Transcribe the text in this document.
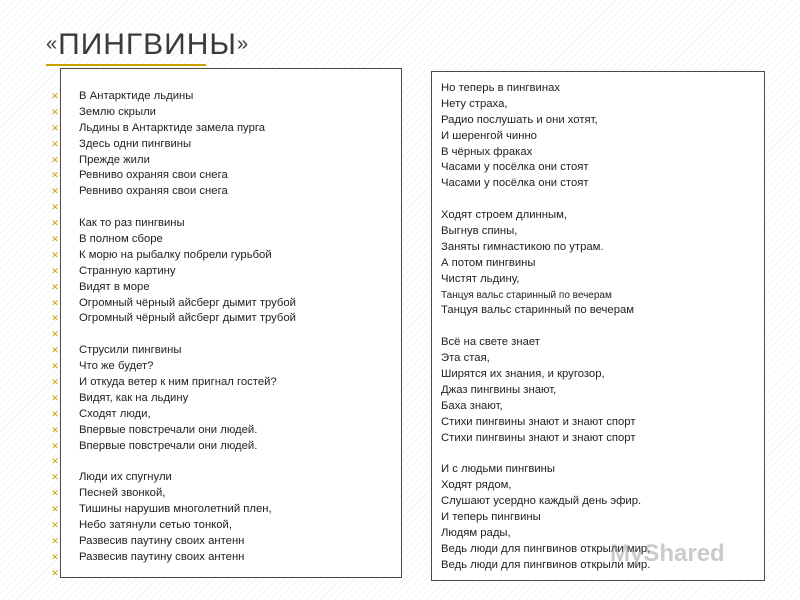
«ПИНГВИНЫ»
✕ В Антарктиде льдины
✕ Землю скрыли
✕ Льдины в Антарктиде замела пурга
✕ Здесь одни пингвины
✕ Прежде жили
✕ Ревниво охраняя свои снега
✕ Ревниво охраняя свои снега
✕
✕ Как то раз пингвины
✕ В полном сборе
✕ К морю на рыбалку побрели гурьбой
✕ Странную картину
✕ Видят в море
✕ Огромный чёрный айсберг дымит трубой
✕ Огромный чёрный айсберг дымит трубой
✕
✕ Струсили пингвины
✕ Что же будет?
✕ И откуда ветер к ним пригнал гостей?
✕ Видят, как на льдину
✕ Сходят люди,
✕ Впервые повстречали они людей.
✕ Впервые повстречали они людей.
✕
✕ Люди их спугнули
✕ Песней звонкой,
✕ Тишины нарушив многолетний плен,
✕ Небо затянули сетью тонкой,
✕ Развесив паутину своих антенн
✕ Развесив паутину своих антенн
✕
Но теперь в пингвинах
Нету страха,
Радио послушать и они хотят,
И шеренгой чинно
В чёрных фраках
Часами у посёлка они стоят
Часами у посёлка они стоят
Ходят строем длинным,
Выгнув спины,
Заняты гимнастикою по утрам.
А потом пингвины
Чистят льдину,
Танцуя вальс старинный по вечерам
Танцуя вальс старинный по вечерам
Всё на свете знает
Эта стая,
Ширятся их знания, и кругозор,
Джаз пингвины знают,
Баха знают,
Стихи пингвины знают и знают спорт
Стихи пингвины знают и знают спорт
И с людьми пингвины
Ходят рядом,
Слушают усердно каждый день эфир.
И теперь пингвины
Людям рады,
Ведь люди для пингвинов открыли мир,
Ведь люди для пингвинов открыли мир.
MyShared
